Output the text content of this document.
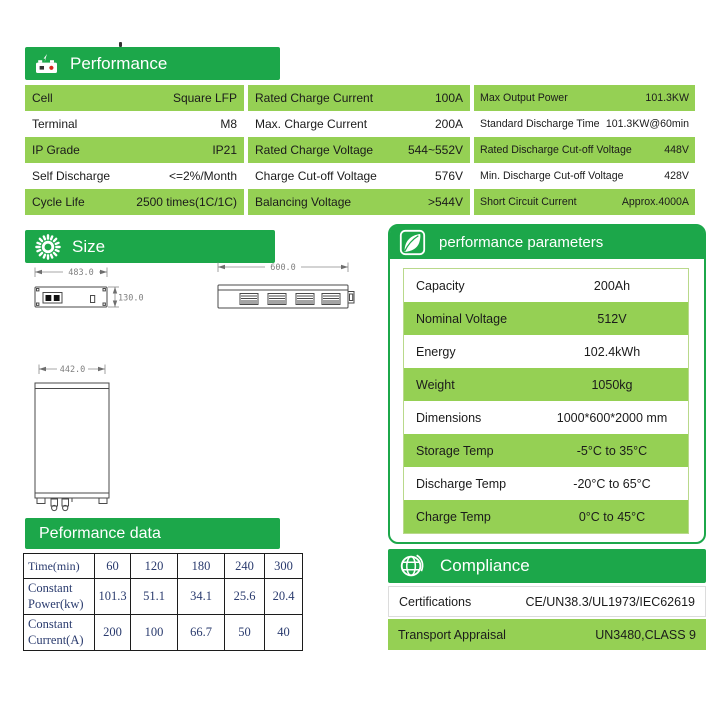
Performance
Cell	Square LFP
Terminal	M8
IP Grade	IP21
Self Discharge	<=2%/Month
Cycle Life	2500 times(1C/1C)
Rated Charge Current	100A
Max. Charge Current	200A
Rated Charge Voltage	544~552V
Charge Cut-off Voltage	576V
Balancing Voltage	>544V
Max Output Power	101.3KW
Standard Discharge Time 101.3KW@60min
Rated Discharge Cut-off Voltage	448V
Min. Discharge Cut-off Voltage	428V
Short Circuit Current	Approx.4000A
Size
483.0
130.0
600.0
442.0
performance parameters
Capacity	200Ah
Nominal Voltage	512V
Energy	102.4kWh
Weight	1050kg
Dimensions	1000*600*2000 mm
Storage Temp	-5°C to 35°C
Discharge Temp	-20°C to 65°C
Charge Temp	0°C to 45°C
Peformance data
Time(min)	60	120	180	240	300
Constant Power(kw)	101.3	51.1	34.1	25.6	20.4
Constant Current(A)	200	100	66.7	50	40
Compliance
Certifications	CE/UN38.3/UL1973/IEC62619
Transport Appraisal	UN3480,CLASS 9
